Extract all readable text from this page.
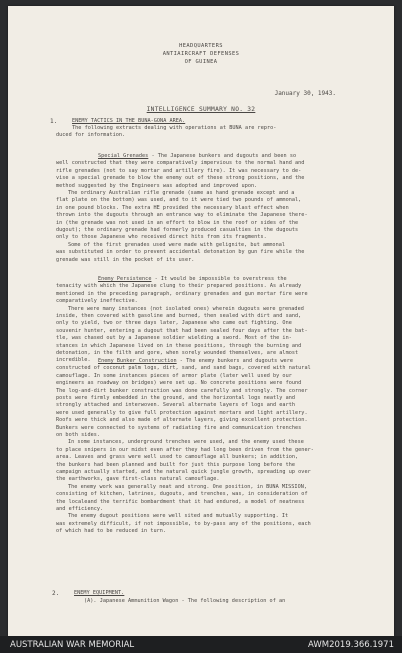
HEADQUARTERS
ANTIAIRCRAFT DEFENSES
OF GUINEA
January 30, 1943.
INTELLIGENCE SUMMARY NO. 32
1.	ENEMY TACTICS IN THE BUNA-GONA AREA.
2.	ENEMY EQUIPMENT.
(A). Japanese Ammunition Wagon - The following description of an
The following extracts dealing with operations at BUNA are repro-
duced for information.
Special Grenades - The Japanese bunkers and dugouts and been so
well constructed that they were comparatively impervious to the normal hand and
rifle grenades (not to say mortar and artillery fire). It was necessary to de-
vise a special grenade to blow the enemy out of these strong positions, and the
method suggested by the Engineers was adopted and improved upon.
The ordinary Australian rifle grenade (same as hand grenade except and a
flat plate on the bottom) was used, and to it were tied two pounds of ammonal,
in one pound blocks. The extra HE provided the necessary blast effect when
thrown into the dugouts through an entrance way to eliminate the Japanese there-
in (the grenade was not used in an effort to blow in the roof or sides of the
dugout); the ordinary grenade had formerly produced casualties in the dugouts
only to those Japanese who received direct hits from its fragments.
Some of the first grenades used were made with gelignite, but ammonal
was substituted in order to prevent accidental detonation by gun fire while the
grenade was still in the pocket of its user.
Enemy Persistence - It would be impossible to overstress the
tenacity with which the Japanese clung to their prepared positions. As already
mentioned in the preceding paragraph, ordinary grenades and gun mortar fire were
comparatively ineffective.
There were many instances (not isolated ones) wherein dugouts were grenaded
inside, then covered with gasoline and burned, then sealed with dirt and sand,
only to yield, two or three days later, Japanese who came out fighting. One
souvenir hunter, entering a dugout that had been sealed four days after the bat-
tle, was chased out by a Japanese soldier wielding a sword. Most of the in-
stances in which Japanese lived on in these positions, through the burning and
detonation, in the filth and gore, when sorely wounded themselves, are almost
incredible. Enemy Bunker Construction - The enemy bunkers and dugouts were
constructed of coconut palm logs, dirt, sand, and sand bags, covered with natural
camouflage. In some instances pieces of armor plate (later well used by our
engineers as roadway on bridges) were set up. No concrete positions were found
The log-and-dirt bunker construction was done carefully and strongly. The corner
posts were firmly embedded in the ground, and the horizontal logs neatly and
strongly attached and interwoven. Several alternate layers of logs and earth
were used generally to give full protection against mortars and light artillery.
Roofs were thick and also made of alternate layers, giving excellent protection.
Bunkers were connected to systems of radiating fire and communication trenches
on both sides.
In some instances, underground trenches were used, and the enemy used these
to place snipers in our midst even after they had long been driven from the gener-
area. Leaves and grass were well used to camouflage all bunkers; in addition,
the bunkers had been planned and built for just this purpose long before the
campaign actually started, and the natural quick jungle growth, spreading up over
the earthworks, gave first-class natural camouflage.
The enemy work was generally neat and strong. One position, in BUNA MISSION,
consisting of kitchen, latrines, dugouts, and trenches, was, in consideration of
the localeand the terrific bombardment that it had endured, a model of neatness
and efficiency.
The enemy dugout positions were well sited and mutually supporting. It
was extremely difficult, if not impossible, to by-pass any of the positions, each
of which had to be reduced in turn.
AUSTRALIAN WAR MEMORIAL	AWM2019.366.1971
